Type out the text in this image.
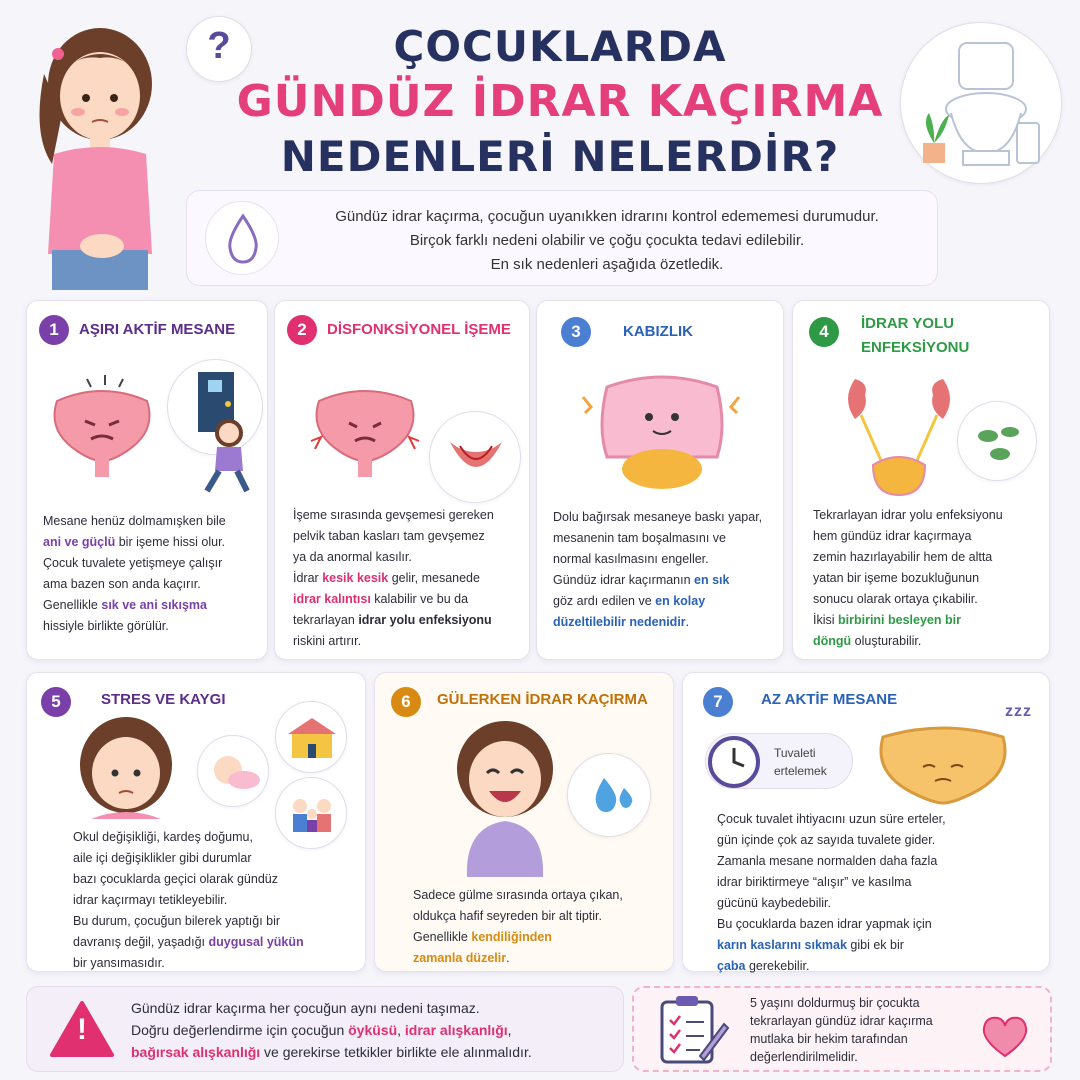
?	ÇOCUKLARDA
GÜNDÜZ İDRAR KAÇIRMA
NEDENLERİ NELERDİR?
Gündüz idrar kaçırma, çocuğun uyanıkken idrarını kontrol edememesi durumudur.
Birçok farklı nedeni olabilir ve çoğu çocukta tedavi edilebilir.
En sık nedenleri aşağıda özetledik.
1	AŞIRI AKTİF MESANE
Mesane henüz dolmamışken bile
ani ve güçlü bir işeme hissi olur.
Çocuk tuvalete yetişmeye çalışır
ama bazen son anda kaçırır.
Genellikle sık ve ani sıkışma
hissiyle birlikte görülür.
2	DİSFONKSİYONEL İŞEME
İşeme sırasında gevşemesi gereken
pelvik taban kasları tam gevşemez
ya da anormal kasılır.
İdrar kesik kesik gelir, mesanede
idrar kalıntısı kalabilir ve bu da
tekrarlayan idrar yolu enfeksiyonu
riskini artırır.
3	KABIZLIK
Dolu bağırsak mesaneye baskı yapar,
mesanenin tam boşalmasını ve
normal kasılmasını engeller.
Gündüz idrar kaçırmanın en sık
göz ardı edilen ve en kolay
düzeltilebilir nedenidir.
4	İDRAR YOLU
ENFEKSİYONU
Tekrarlayan idrar yolu enfeksiyonu
hem gündüz idrar kaçırmaya
zemin hazırlayabilir hem de altta
yatan bir işeme bozukluğunun
sonucu olarak ortaya çıkabilir.
İkisi birbirini besleyen bir
döngü oluşturabilir.
5	STRES VE KAYGI
Okul değişikliği, kardeş doğumu,
aile içi değişiklikler gibi durumlar
bazı çocuklarda geçici olarak gündüz
idrar kaçırmayı tetikleyebilir.
Bu durum, çocuğun bilerek yaptığı bir
davranış değil, yaşadığı duygusal yükün
bir yansımasıdır.
6	GÜLERKEN İDRAR KAÇIRMA
Sadece gülme sırasında ortaya çıkan,
oldukça hafif seyreden bir alt tiptir.
Genellikle kendiliğinden
zamanla düzelir.
7	AZ AKTİF MESANE
Tuvaleti
ertelemek
zzz
Çocuk tuvalet ihtiyacını uzun süre erteler,
gün içinde çok az sayıda tuvalete gider.
Zamanla mesane normalden daha fazla
idrar biriktirmeye “alışır” ve kasılma
gücünü kaybedebilir.
Bu çocuklarda bazen idrar yapmak için
karın kaslarını sıkmak gibi ek bir
çaba gerekebilir.
!
Gündüz idrar kaçırma her çocuğun aynı nedeni taşımaz.
Doğru değerlendirme için çocuğun öyküsü, idrar alışkanlığı,
bağırsak alışkanlığı ve gerekirse tetkikler birlikte ele alınmalıdır.
5 yaşını doldurmuş bir çocukta
tekrarlayan gündüz idrar kaçırma
mutlaka bir hekim tarafından
değerlendirilmelidir.
